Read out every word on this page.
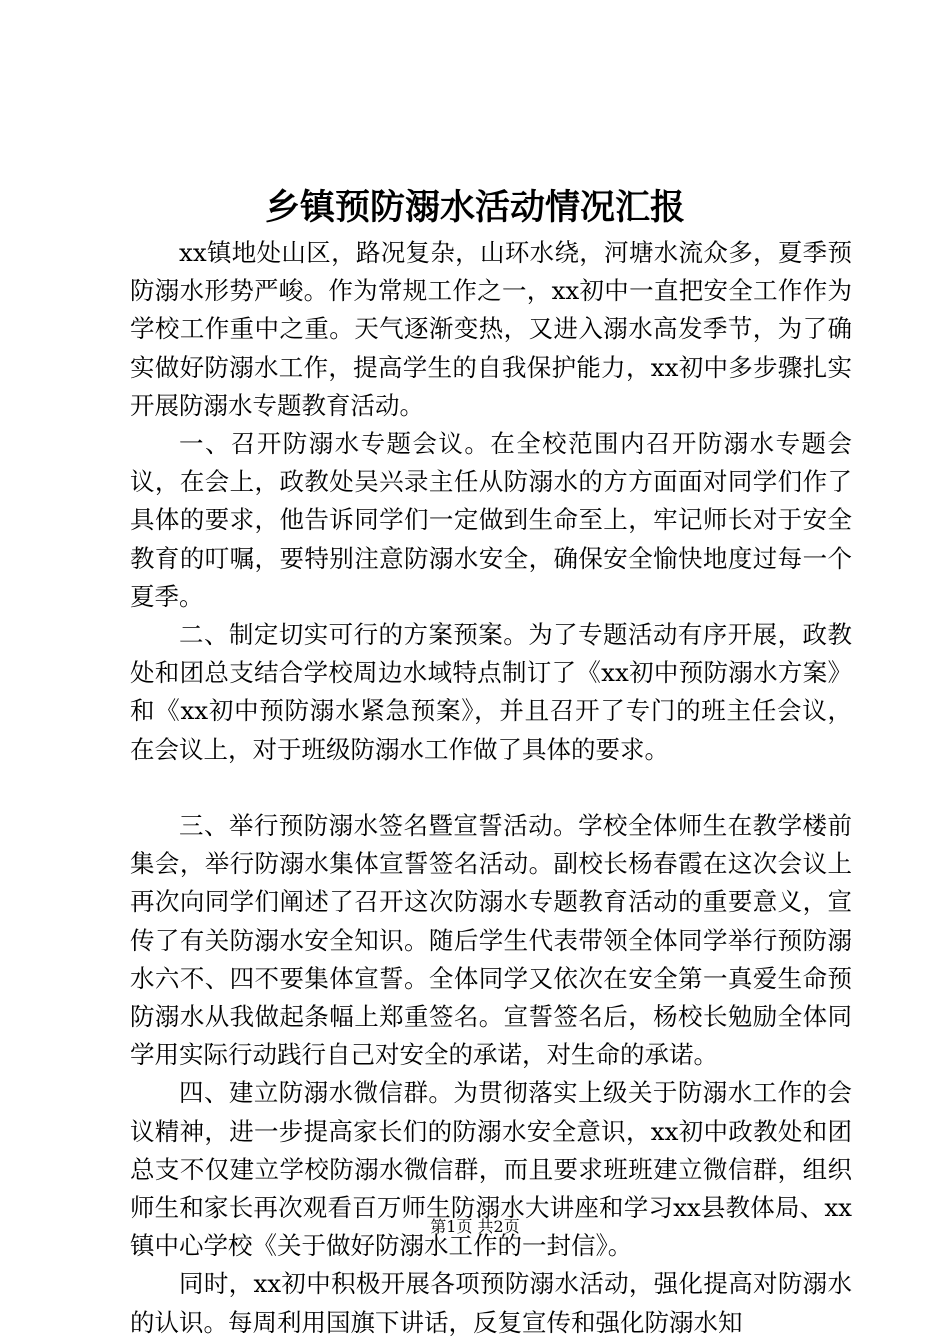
乡镇预防溺水活动情况汇报

xx镇地处山区，路况复杂，山环水绕，河塘水流众多，夏季预防溺水形势严峻。作为常规工作之一，xx初中一直把安全工作作为学校工作重中之重。天气逐渐变热，又进入溺水高发季节，为了确实做好防溺水工作，提高学生的自我保护能力，xx初中多步骤扎实开展防溺水专题教育活动。

一、召开防溺水专题会议。在全校范围内召开防溺水专题会议，在会上，政教处吴兴录主任从防溺水的方方面面对同学们作了具体的要求，他告诉同学们一定做到生命至上，牢记师长对于安全教育的叮嘱，要特别注意防溺水安全，确保安全愉快地度过每一个夏季。

二、制定切实可行的方案预案。为了专题活动有序开展，政教处和团总支结合学校周边水域特点制订了《xx初中预防溺水方案》和《xx初中预防溺水紧急预案》，并且召开了专门的班主任会议，在会议上，对于班级防溺水工作做了具体的要求。

三、举行预防溺水签名暨宣誓活动。学校全体师生在教学楼前集会，举行防溺水集体宣誓签名活动。副校长杨春霞在这次会议上再次向同学们阐述了召开这次防溺水专题教育活动的重要意义，宣传了有关防溺水安全知识。随后学生代表带领全体同学举行预防溺水六不、四不要集体宣誓。全体同学又依次在安全第一真爱生命预防溺水从我做起条幅上郑重签名。宣誓签名后，杨校长勉励全体同学用实际行动践行自己对安全的承诺，对生命的承诺。

四、建立防溺水微信群。为贯彻落实上级关于防溺水工作的会议精神，进一步提高家长们的防溺水安全意识，xx初中政教处和团总支不仅建立学校防溺水微信群，而且要求班班建立微信群，组织师生和家长再次观看百万师生防溺水大讲座和学习xx县教体局、xx镇中心学校《关于做好防溺水工作的一封信》。

同时，xx初中积极开展各项预防溺水活动，强化提高对防溺水的认识。每周利用国旗下讲话，反复宣传和强化防溺水知

第1页 共2页
